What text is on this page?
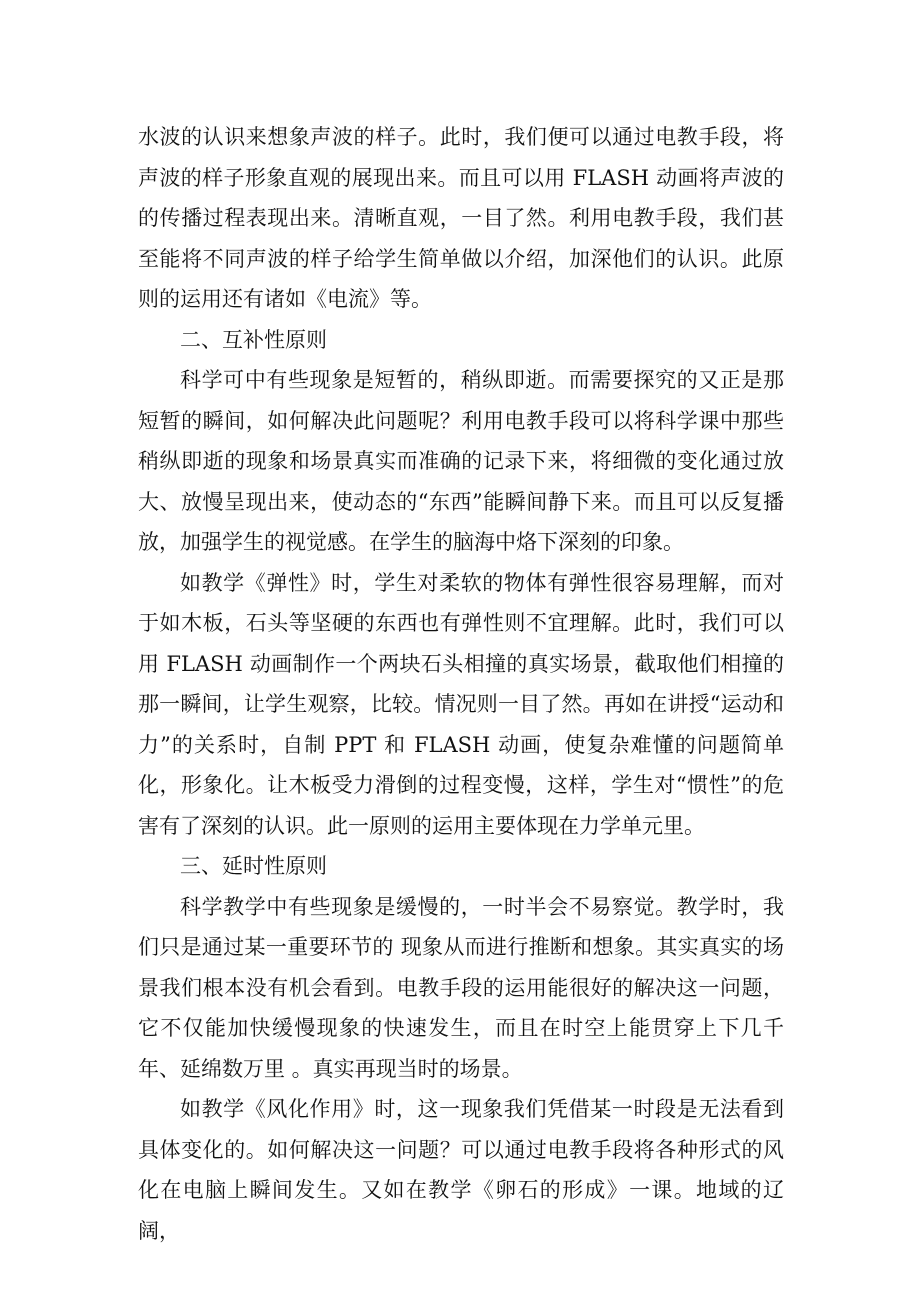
水波的认识来想象声波的样子。此时，我们便可以通过电教手段，将声波的样子形象直观的展现出来。而且可以用 FLASH 动画将声波的的传播过程表现出来。清晰直观，一目了然。利用电教手段，我们甚至能将不同声波的样子给学生简单做以介绍，加深他们的认识。此原则的运用还有诸如《电流》等。

二、互补性原则

科学可中有些现象是短暂的，稍纵即逝。而需要探究的又正是那短暂的瞬间，如何解决此问题呢？利用电教手段可以将科学课中那些稍纵即逝的现象和场景真实而准确的记录下来，将细微的变化通过放大、放慢呈现出来，使动态的“东西”能瞬间静下来。而且可以反复播放，加强学生的视觉感。在学生的脑海中烙下深刻的印象。

如教学《弹性》时，学生对柔软的物体有弹性很容易理解，而对于如木板，石头等坚硬的东西也有弹性则不宜理解。此时，我们可以用 FLASH 动画制作一个两块石头相撞的真实场景，截取他们相撞的那一瞬间，让学生观察，比较。情况则一目了然。再如在讲授“运动和力”的关系时，自制 PPT 和 FLASH 动画，使复杂难懂的问题简单化，形象化。让木板受力滑倒的过程变慢，这样，学生对“惯性”的危害有了深刻的认识。此一原则的运用主要体现在力学单元里。

三、延时性原则

科学教学中有些现象是缓慢的，一时半会不易察觉。教学时，我们只是通过某一重要环节的 现象从而进行推断和想象。其实真实的场景我们根本没有机会看到。电教手段的运用能很好的解决这一问题，它不仅能加快缓慢现象的快速发生，而且在时空上能贯穿上下几千年、延绵数万里 。真实再现当时的场景。

如教学《风化作用》时，这一现象我们凭借某一时段是无法看到具体变化的。如何解决这一问题？可以通过电教手段将各种形式的风化在电脑上瞬间发生。又如在教学《卵石的形成》一课。地域的辽阔，
